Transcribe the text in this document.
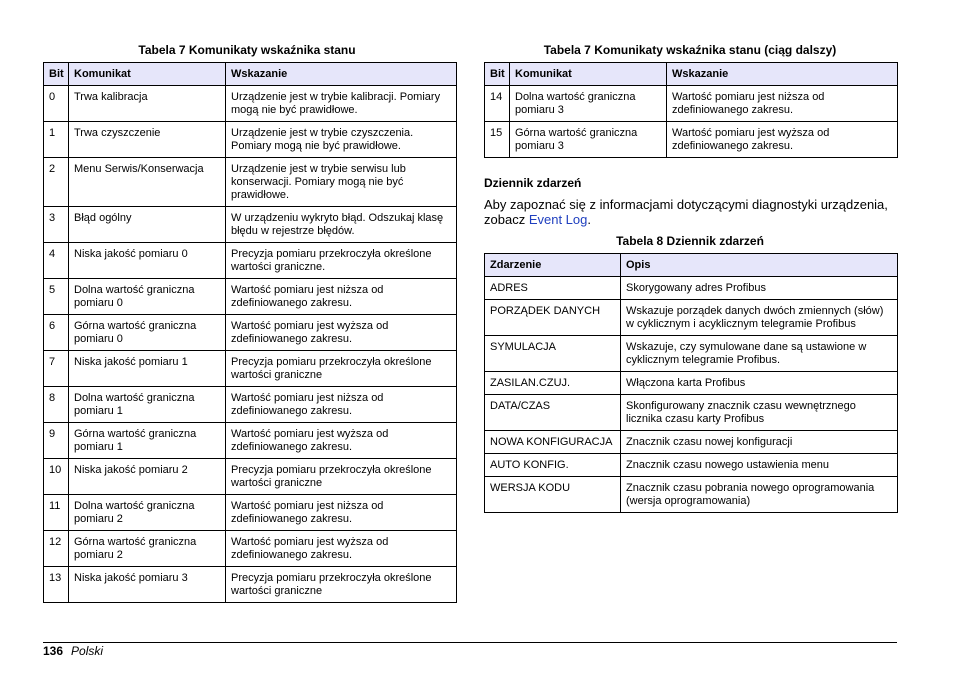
Tabela 7 Komunikaty wskaźnika stanu
Bit	Komunikat	Wskazanie
0	Trwa kalibracja	Urządzenie jest w trybie kalibracji. Pomiary mogą nie być prawidłowe.
1	Trwa czyszczenie	Urządzenie jest w trybie czyszczenia. Pomiary mogą nie być prawidłowe.
2	Menu Serwis/Konserwacja	Urządzenie jest w trybie serwisu lub konserwacji. Pomiary mogą nie być prawidłowe.
3	Błąd ogólny	W urządzeniu wykryto błąd. Odszukaj klasę błędu w rejestrze błędów.
4	Niska jakość pomiaru 0	Precyzja pomiaru przekroczyła określone wartości graniczne.
5	Dolna wartość graniczna pomiaru 0	Wartość pomiaru jest niższa od zdefiniowanego zakresu.
6	Górna wartość graniczna pomiaru 0	Wartość pomiaru jest wyższa od zdefiniowanego zakresu.
7	Niska jakość pomiaru 1	Precyzja pomiaru przekroczyła określone wartości graniczne
8	Dolna wartość graniczna pomiaru 1	Wartość pomiaru jest niższa od zdefiniowanego zakresu.
9	Górna wartość graniczna pomiaru 1	Wartość pomiaru jest wyższa od zdefiniowanego zakresu.
10	Niska jakość pomiaru 2	Precyzja pomiaru przekroczyła określone wartości graniczne
11	Dolna wartość graniczna pomiaru 2	Wartość pomiaru jest niższa od zdefiniowanego zakresu.
12	Górna wartość graniczna pomiaru 2	Wartość pomiaru jest wyższa od zdefiniowanego zakresu.
13	Niska jakość pomiaru 3	Precyzja pomiaru przekroczyła określone wartości graniczne
Tabela 7 Komunikaty wskaźnika stanu (ciąg dalszy)
Bit	Komunikat	Wskazanie
14	Dolna wartość graniczna pomiaru 3	Wartość pomiaru jest niższa od zdefiniowanego zakresu.
15	Górna wartość graniczna pomiaru 3	Wartość pomiaru jest wyższa od zdefiniowanego zakresu.
Dziennik zdarzeń
Aby zapoznać się z informacjami dotyczącymi diagnostyki urządzenia, zobacz Event Log.
Tabela 8 Dziennik zdarzeń
Zdarzenie	Opis
ADRES	Skorygowany adres Profibus
PORZĄDEK DANYCH	Wskazuje porządek danych dwóch zmiennych (słów) w cyklicznym i acyklicznym telegramie Profibus
SYMULACJA	Wskazuje, czy symulowane dane są ustawione w cyklicznym telegramie Profibus.
ZASILAN.CZUJ.	Włączona karta Profibus
DATA/CZAS	Skonfigurowany znacznik czasu wewnętrznego licznika czasu karty Profibus
NOWA KONFIGURACJA	Znacznik czasu nowej konfiguracji
AUTO KONFIG.	Znacznik czasu nowego ustawienia menu
WERSJA KODU	Znacznik czasu pobrania nowego oprogramowania (wersja oprogramowania)
136 Polski
